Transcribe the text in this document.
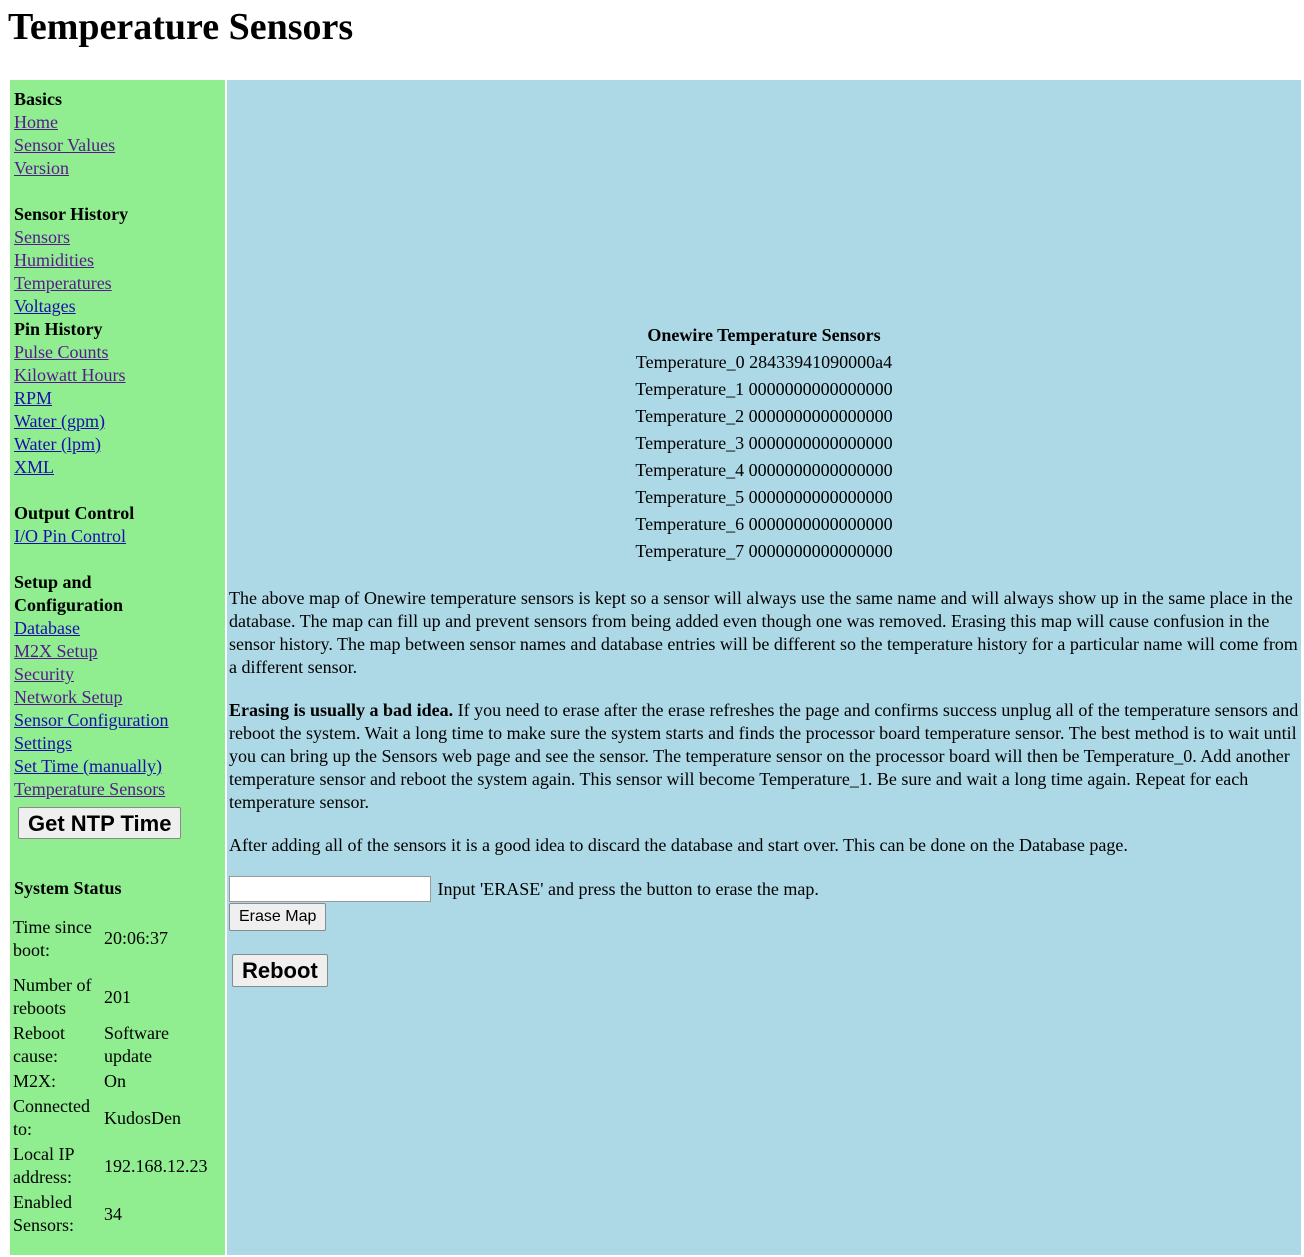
Temperature Sensors
Basics
Home
Sensor Values
Version
Sensor History
Sensors
Humidities
Temperatures
Voltages
Pin History
Pulse Counts
Kilowatt Hours
RPM
Water (gpm)
Water (lpm)
XML
Output Control
I/O Pin Control
Setup and Configuration
Database
M2X Setup
Security
Network Setup
Sensor Configuration
Settings
Set Time (manually)
Temperature Sensors
Get NTP Time
System Status
Time since boot:	20:06:37
Number of reboots	201
Reboot cause:	Software update
M2X:	On
Connected to:	KudosDen
Local IP address:	192.168.12.23
Enabled Sensors:	34
Onewire Temperature Sensors
Temperature_0 28433941090000a4
Temperature_1 0000000000000000
Temperature_2 0000000000000000
Temperature_3 0000000000000000
Temperature_4 0000000000000000
Temperature_5 0000000000000000
Temperature_6 0000000000000000
Temperature_7 0000000000000000
The above map of Onewire temperature sensors is kept so a sensor will always use the same name and will always show up in the same place in the database. The map can fill up and prevent sensors from being added even though one was removed. Erasing this map will cause confusion in the sensor history. The map between sensor names and database entries will be different so the temperature history for a particular name will come from a different sensor.
Erasing is usually a bad idea. If you need to erase after the erase refreshes the page and confirms success unplug all of the temperature sensors and reboot the system. Wait a long time to make sure the system starts and finds the processor board temperature sensor. The best method is to wait until you can bring up the Sensors web page and see the sensor. The temperature sensor on the processor board will then be Temperature_0. Add another temperature sensor and reboot the system again. This sensor will become Temperature_1. Be sure and wait a long time again. Repeat for each temperature sensor.
After adding all of the sensors it is a good idea to discard the database and start over. This can be done on the Database page.
Input 'ERASE' and press the button to erase the map.
Erase Map
Reboot
